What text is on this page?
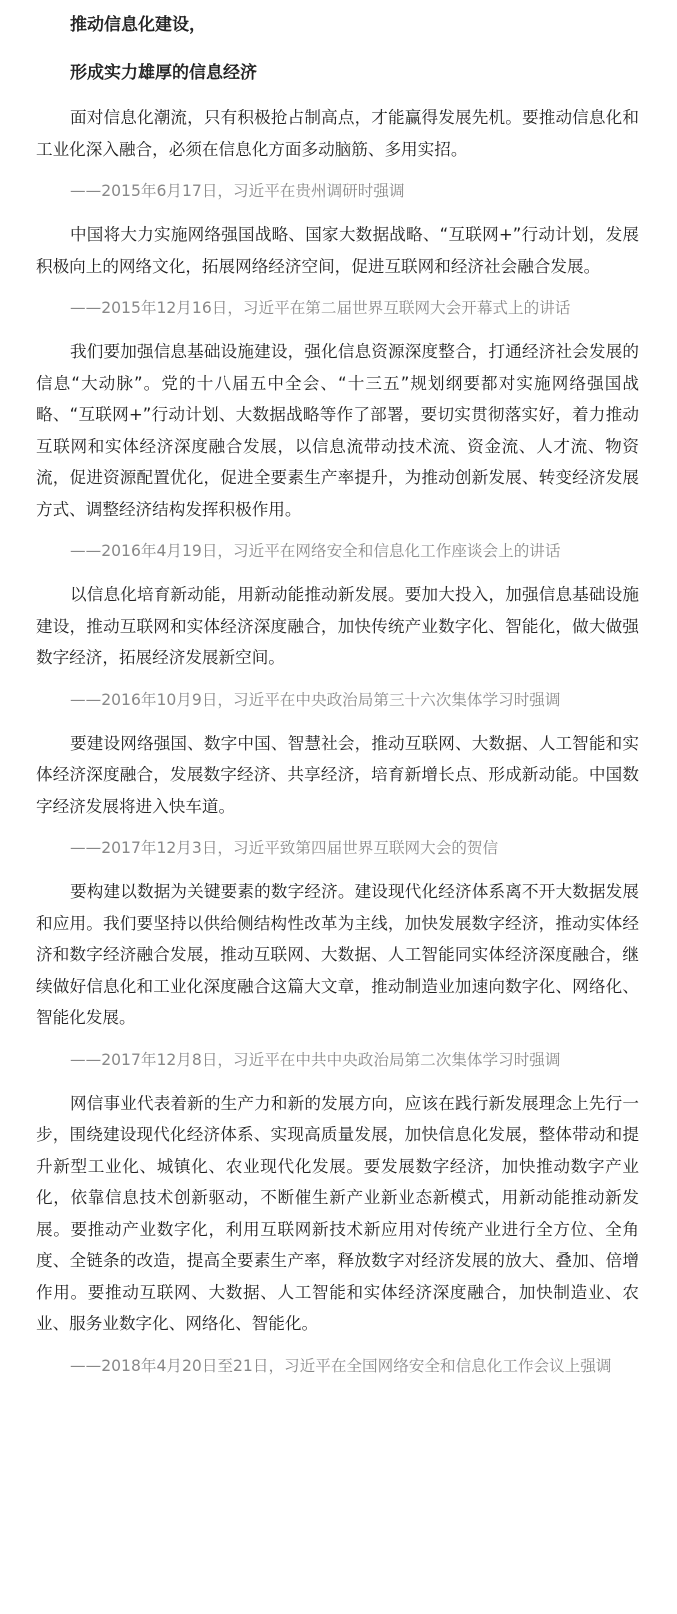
推动信息化建设，

形成实力雄厚的信息经济

面对信息化潮流，只有积极抢占制高点，才能赢得发展先机。要推动信息化和工业化深入融合，必须在信息化方面多动脑筋、多用实招。

——2015年6月17日，习近平在贵州调研时强调

中国将大力实施网络强国战略、国家大数据战略、“互联网+”行动计划，发展积极向上的网络文化，拓展网络经济空间，促进互联网和经济社会融合发展。

——2015年12月16日，习近平在第二届世界互联网大会开幕式上的讲话

我们要加强信息基础设施建设，强化信息资源深度整合，打通经济社会发展的信息“大动脉”。党的十八届五中全会、“十三五”规划纲要都对实施网络强国战略、“互联网+”行动计划、大数据战略等作了部署，要切实贯彻落实好，着力推动互联网和实体经济深度融合发展，以信息流带动技术流、资金流、人才流、物资流，促进资源配置优化，促进全要素生产率提升，为推动创新发展、转变经济发展方式、调整经济结构发挥积极作用。

——2016年4月19日，习近平在网络安全和信息化工作座谈会上的讲话

以信息化培育新动能，用新动能推动新发展。要加大投入，加强信息基础设施建设，推动互联网和实体经济深度融合，加快传统产业数字化、智能化，做大做强数字经济，拓展经济发展新空间。

——2016年10月9日，习近平在中央政治局第三十六次集体学习时强调

要建设网络强国、数字中国、智慧社会，推动互联网、大数据、人工智能和实体经济深度融合，发展数字经济、共享经济，培育新增长点、形成新动能。中国数字经济发展将进入快车道。

——2017年12月3日，习近平致第四届世界互联网大会的贺信

要构建以数据为关键要素的数字经济。建设现代化经济体系离不开大数据发展和应用。我们要坚持以供给侧结构性改革为主线，加快发展数字经济，推动实体经济和数字经济融合发展，推动互联网、大数据、人工智能同实体经济深度融合，继续做好信息化和工业化深度融合这篇大文章，推动制造业加速向数字化、网络化、智能化发展。

——2017年12月8日，习近平在中共中央政治局第二次集体学习时强调

网信事业代表着新的生产力和新的发展方向，应该在践行新发展理念上先行一步，围绕建设现代化经济体系、实现高质量发展，加快信息化发展，整体带动和提升新型工业化、城镇化、农业现代化发展。要发展数字经济，加快推动数字产业化，依靠信息技术创新驱动，不断催生新产业新业态新模式，用新动能推动新发展。要推动产业数字化，利用互联网新技术新应用对传统产业进行全方位、全角度、全链条的改造，提高全要素生产率，释放数字对经济发展的放大、叠加、倍增作用。要推动互联网、大数据、人工智能和实体经济深度融合，加快制造业、农业、服务业数字化、网络化、智能化。

——2018年4月20日至21日，习近平在全国网络安全和信息化工作会议上强调
